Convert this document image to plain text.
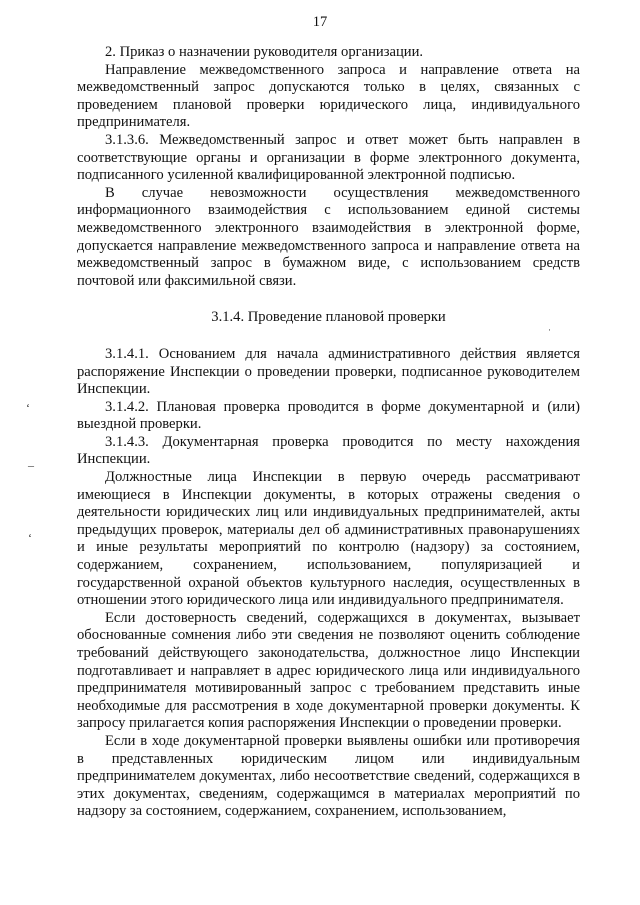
17

2. Приказ о назначении руководителя организации.

Направление межведомственного запроса и направление ответа на межведомственный запрос допускаются только в целях, связанных с проведением плановой проверки юридического лица, индивидуального предпринимателя.

3.1.3.6. Межведомственный запрос и ответ может быть направлен в соответствующие органы и организации в форме электронного документа, подписанного усиленной квалифицированной электронной подписью.

В случае невозможности осуществления межведомственного информационного взаимодействия с использованием единой системы межведомственного электронного взаимодействия в электронной форме, допускается направление межведомственного запроса и направление ответа на межведомственный запрос в бумажном виде, с использованием средств почтовой или факсимильной связи.

3.1.4. Проведение плановой проверки

3.1.4.1. Основанием для начала административного действия является распоряжение Инспекции о проведении проверки, подписанное руководителем Инспекции.

3.1.4.2. Плановая проверка проводится в форме документарной и (или) выездной проверки.

3.1.4.3. Документарная проверка проводится по месту нахождения Инспекции.

Должностные лица Инспекции в первую очередь рассматривают имеющиеся в Инспекции документы, в которых отражены сведения о деятельности юридических лиц или индивидуальных предпринимателей, акты предыдущих проверок, материалы дел об административных правонарушениях и иные результаты мероприятий по контролю (надзору) за состоянием, содержанием, сохранением, использованием, популяризацией и государственной охраной объектов культурного наследия, осуществленных в отношении этого юридического лица или индивидуального предпринимателя.

Если достоверность сведений, содержащихся в документах, вызывает обоснованные сомнения либо эти сведения не позволяют оценить соблюдение требований действующего законодательства, должностное лицо Инспекции подготавливает и направляет в адрес юридического лица или индивидуального предпринимателя мотивированный запрос с требованием представить иные необходимые для рассмотрения в ходе документарной проверки документы. К запросу прилагается копия распоряжения Инспекции о проведении проверки.

Если в ходе документарной проверки выявлены ошибки или противоречия в представленных юридическим лицом или индивидуальным предпринимателем документах, либо несоответствие сведений, содержащихся в этих документах, сведениям, содержащимся в материалах мероприятий по надзору за состоянием, содержанием, сохранением, использованием,

‘
–
‘
·
